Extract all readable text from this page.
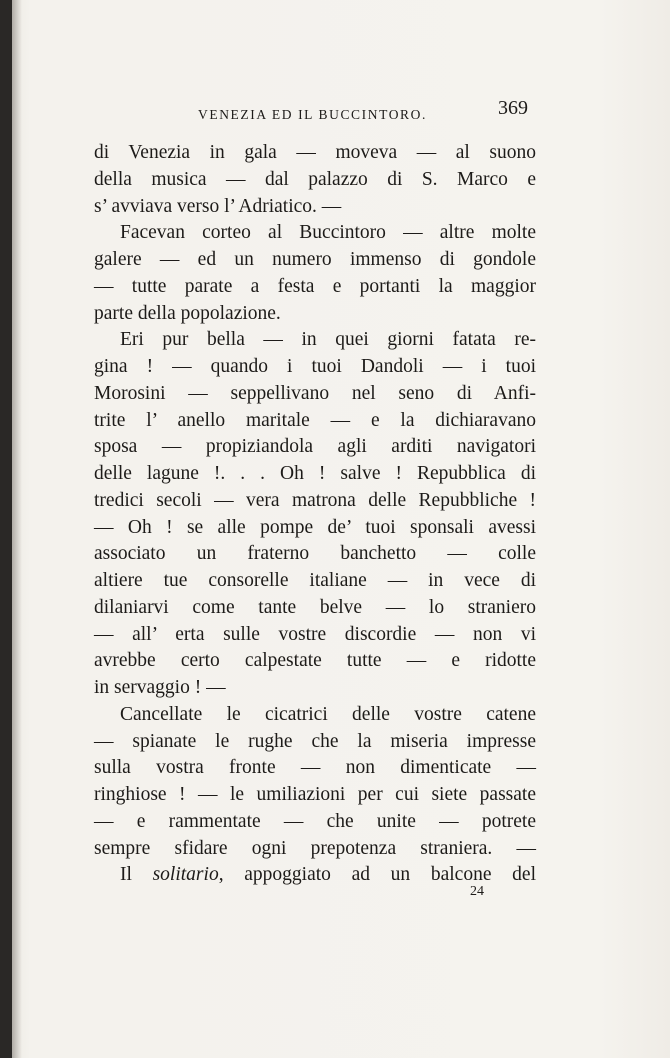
VENEZIA ED IL BUCCINTORO.	369
di Venezia in gala — moveva — al suono
della musica — dal palazzo di S. Marco e
s’ avviava verso l’ Adriatico. —
Facevan corteo al Buccintoro — altre molte
galere — ed un numero immenso di gondole
— tutte parate a festa e portanti la maggior
parte della popolazione.
Eri pur bella — in quei giorni fatata re-
gina ! — quando i tuoi Dandoli — i tuoi
Morosini — seppellivano nel seno di Anfi-
trite l’ anello maritale — e la dichiaravano
sposa — propiziandola agli arditi navigatori
delle lagune !. . . Oh ! salve ! Repubblica di
tredici secoli — vera matrona delle Repubbliche !
— Oh ! se alle pompe de’ tuoi sponsali avessi
associato un fraterno banchetto — colle
altiere tue consorelle italiane — in vece di
dilaniarvi come tante belve — lo straniero
— all’ erta sulle vostre discordie — non vi
avrebbe certo calpestate tutte — e ridotte
in servaggio ! —
Cancellate le cicatrici delle vostre catene
— spianate le rughe che la miseria impresse
sulla vostra fronte — non dimenticate —
ringhiose ! — le umiliazioni per cui siete passate
— e rammentate — che unite — potrete
sempre sfidare ogni prepotenza straniera. —
Il solitario, appoggiato ad un balcone del
24
